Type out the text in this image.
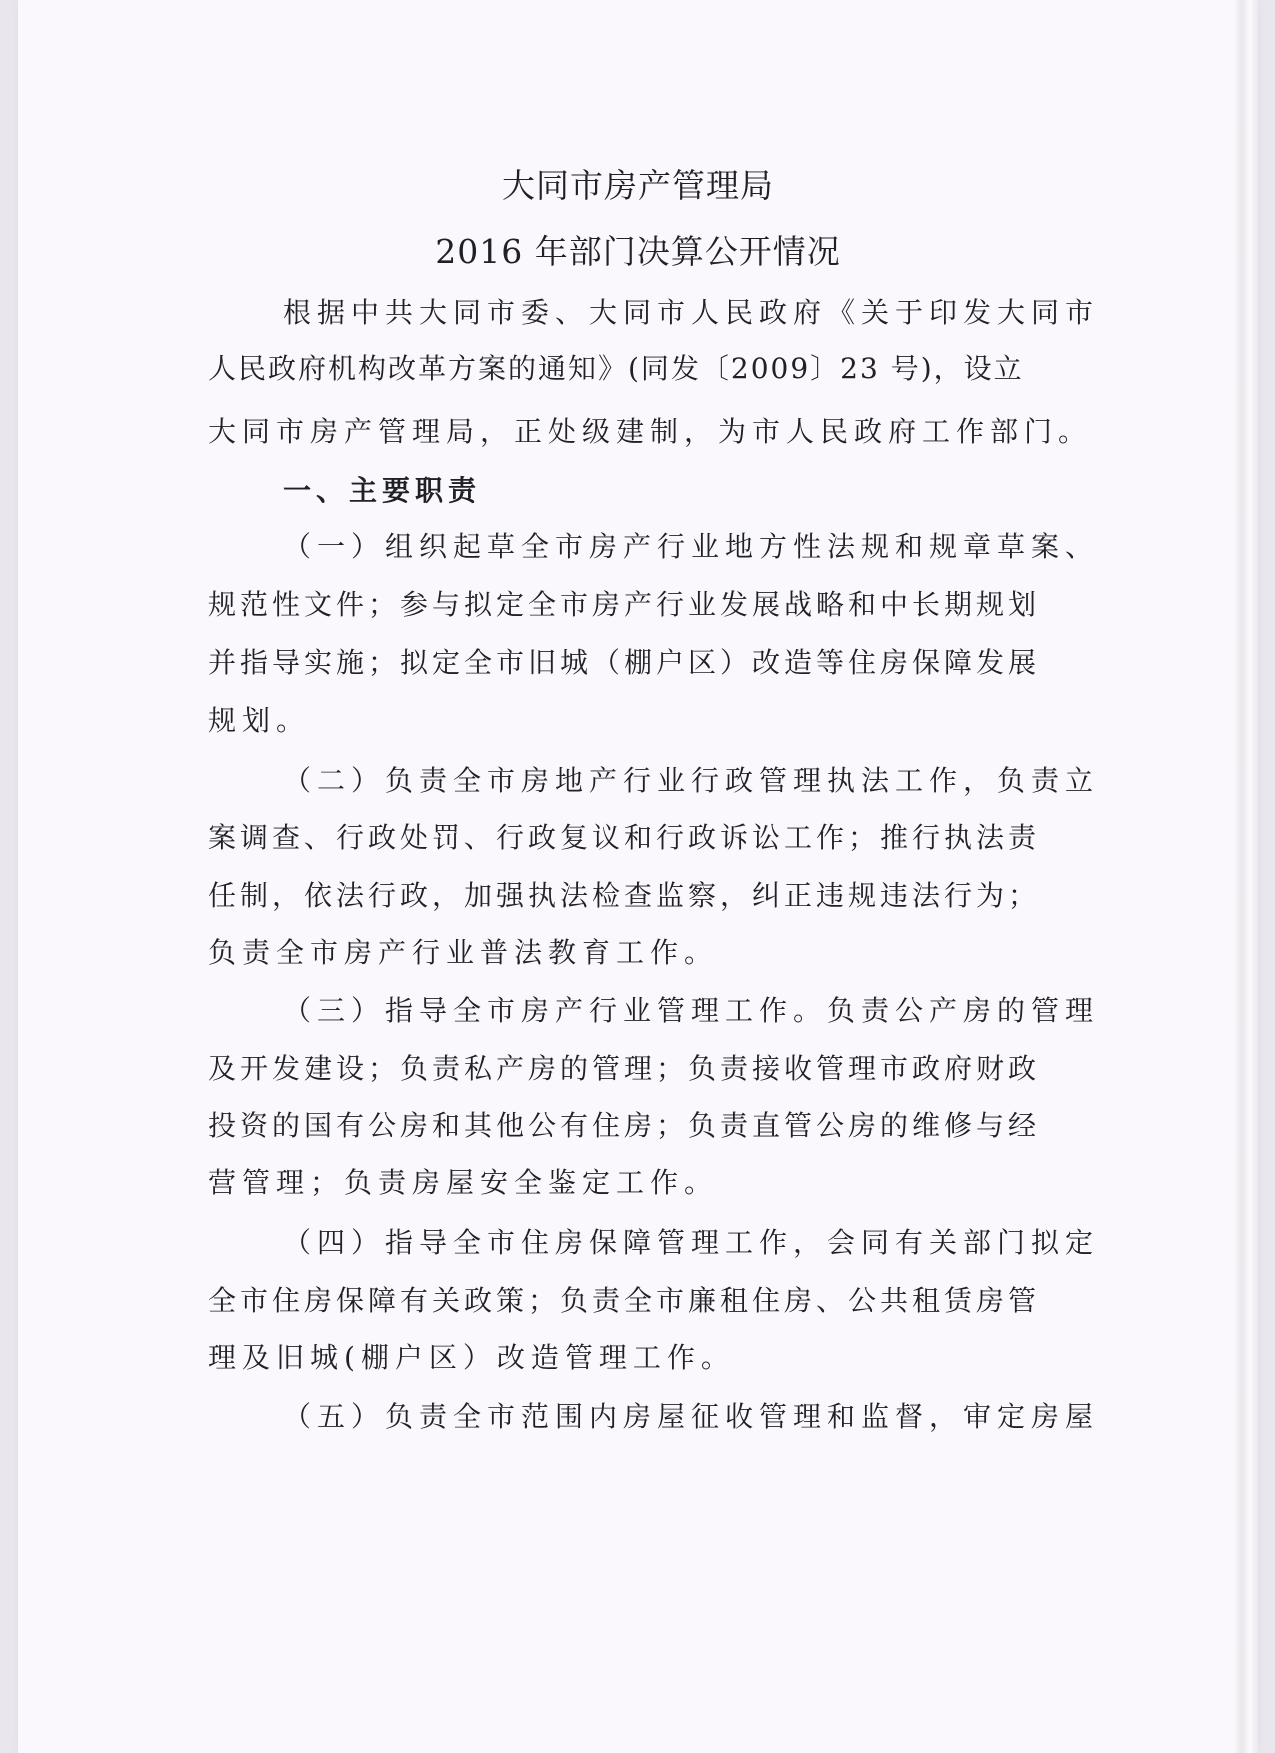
大同市房产管理局
2016 年部门决算公开情况
根据中共大同市委、大同市人民政府《关于印发大同市
人民政府机构改革方案的通知》(同发〔2009〕23 号)，设立
大同市房产管理局，正处级建制，为市人民政府工作部门。
一、主要职责
（一）组织起草全市房产行业地方性法规和规章草案、
规范性文件；参与拟定全市房产行业发展战略和中长期规划
并指导实施；拟定全市旧城（棚户区）改造等住房保障发展
规划。
（二）负责全市房地产行业行政管理执法工作，负责立
案调查、行政处罚、行政复议和行政诉讼工作；推行执法责
任制，依法行政，加强执法检查监察，纠正违规违法行为；
负责全市房产行业普法教育工作。
（三）指导全市房产行业管理工作。负责公产房的管理
及开发建设；负责私产房的管理；负责接收管理市政府财政
投资的国有公房和其他公有住房；负责直管公房的维修与经
营管理；负责房屋安全鉴定工作。
（四）指导全市住房保障管理工作，会同有关部门拟定
全市住房保障有关政策；负责全市廉租住房、公共租赁房管
理及旧城(棚户区）改造管理工作。
（五）负责全市范围内房屋征收管理和监督，审定房屋
